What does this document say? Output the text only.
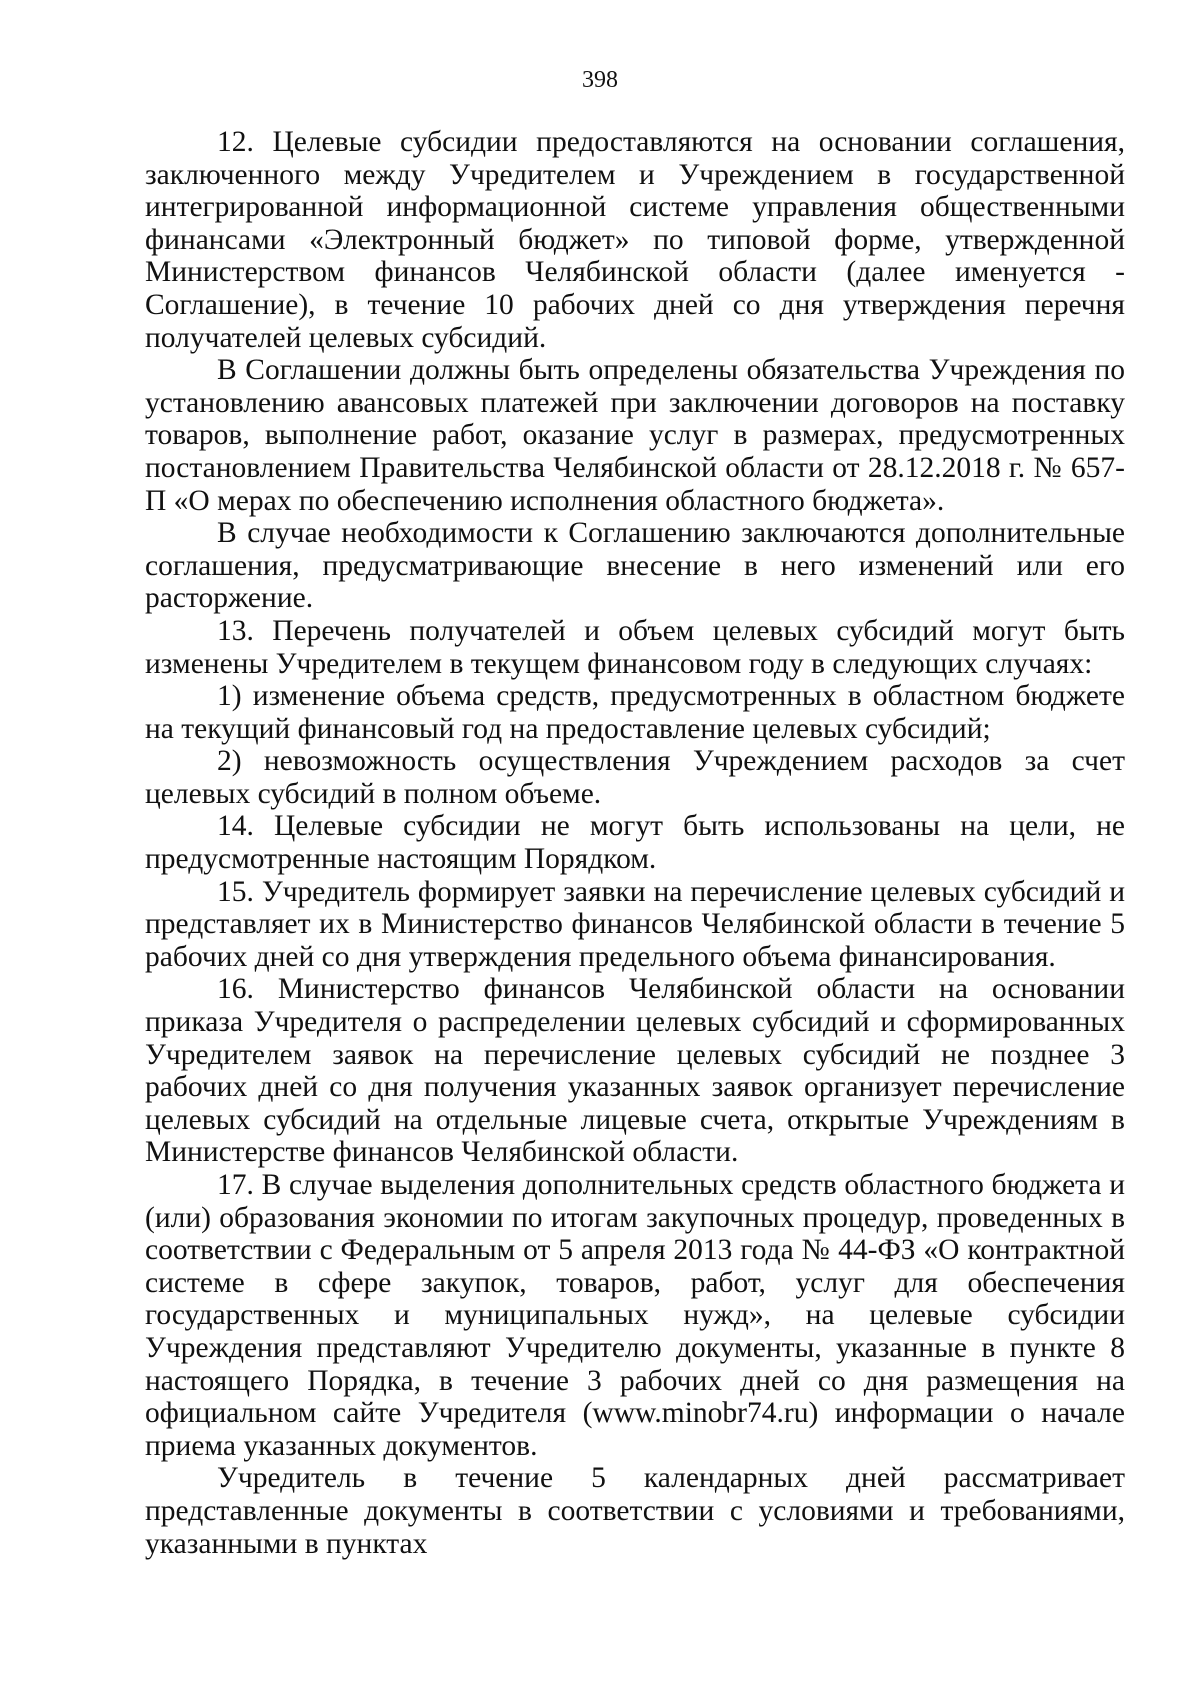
398

12. Целевые субсидии предоставляются на основании соглашения, заключенного между Учредителем и Учреждением в государственной интегрированной информационной системе управления общественными финансами «Электронный бюджет» по типовой форме, утвержденной Министерством финансов Челябинской области (далее именуется - Соглашение), в течение 10 рабочих дней со дня утверждения перечня получателей целевых субсидий.

В Соглашении должны быть определены обязательства Учреждения по установлению авансовых платежей при заключении договоров на поставку товаров, выполнение работ, оказание услуг в размерах, предусмотренных постановлением Правительства Челябинской области от 28.12.2018 г. № 657-П «О мерах по обеспечению исполнения областного бюджета».

В случае необходимости к Соглашению заключаются дополнительные соглашения, предусматривающие внесение в него изменений или его расторжение.

13. Перечень получателей и объем целевых субсидий могут быть изменены Учредителем в текущем финансовом году в следующих случаях:

1) изменение объема средств, предусмотренных в областном бюджете на текущий финансовый год на предоставление целевых субсидий;

2) невозможность осуществления Учреждением расходов за счет целевых субсидий в полном объеме.

14. Целевые субсидии не могут быть использованы на цели, не предусмотренные настоящим Порядком.

15. Учредитель формирует заявки на перечисление целевых субсидий и представляет их в Министерство финансов Челябинской области в течение 5 рабочих дней со дня утверждения предельного объема финансирования.

16. Министерство финансов Челябинской области на основании приказа Учредителя о распределении целевых субсидий и сформированных Учредителем заявок на перечисление целевых субсидий не позднее 3 рабочих дней со дня получения указанных заявок организует перечисление целевых субсидий на отдельные лицевые счета, открытые Учреждениям в Министерстве финансов Челябинской области.

17. В случае выделения дополнительных средств областного бюджета и (или) образования экономии по итогам закупочных процедур, проведенных в соответствии с Федеральным от 5 апреля 2013 года № 44-ФЗ «О контрактной системе в сфере закупок, товаров, работ, услуг для обеспечения государственных и муниципальных нужд», на целевые субсидии Учреждения представляют Учредителю документы, указанные в пункте 8 настоящего Порядка, в течение 3 рабочих дней со дня размещения на официальном сайте Учредителя (www.minobr74.ru) информации о начале приема указанных документов.

Учредитель в течение 5 календарных дней рассматривает представленные документы в соответствии с условиями и требованиями, указанными в пунктах
